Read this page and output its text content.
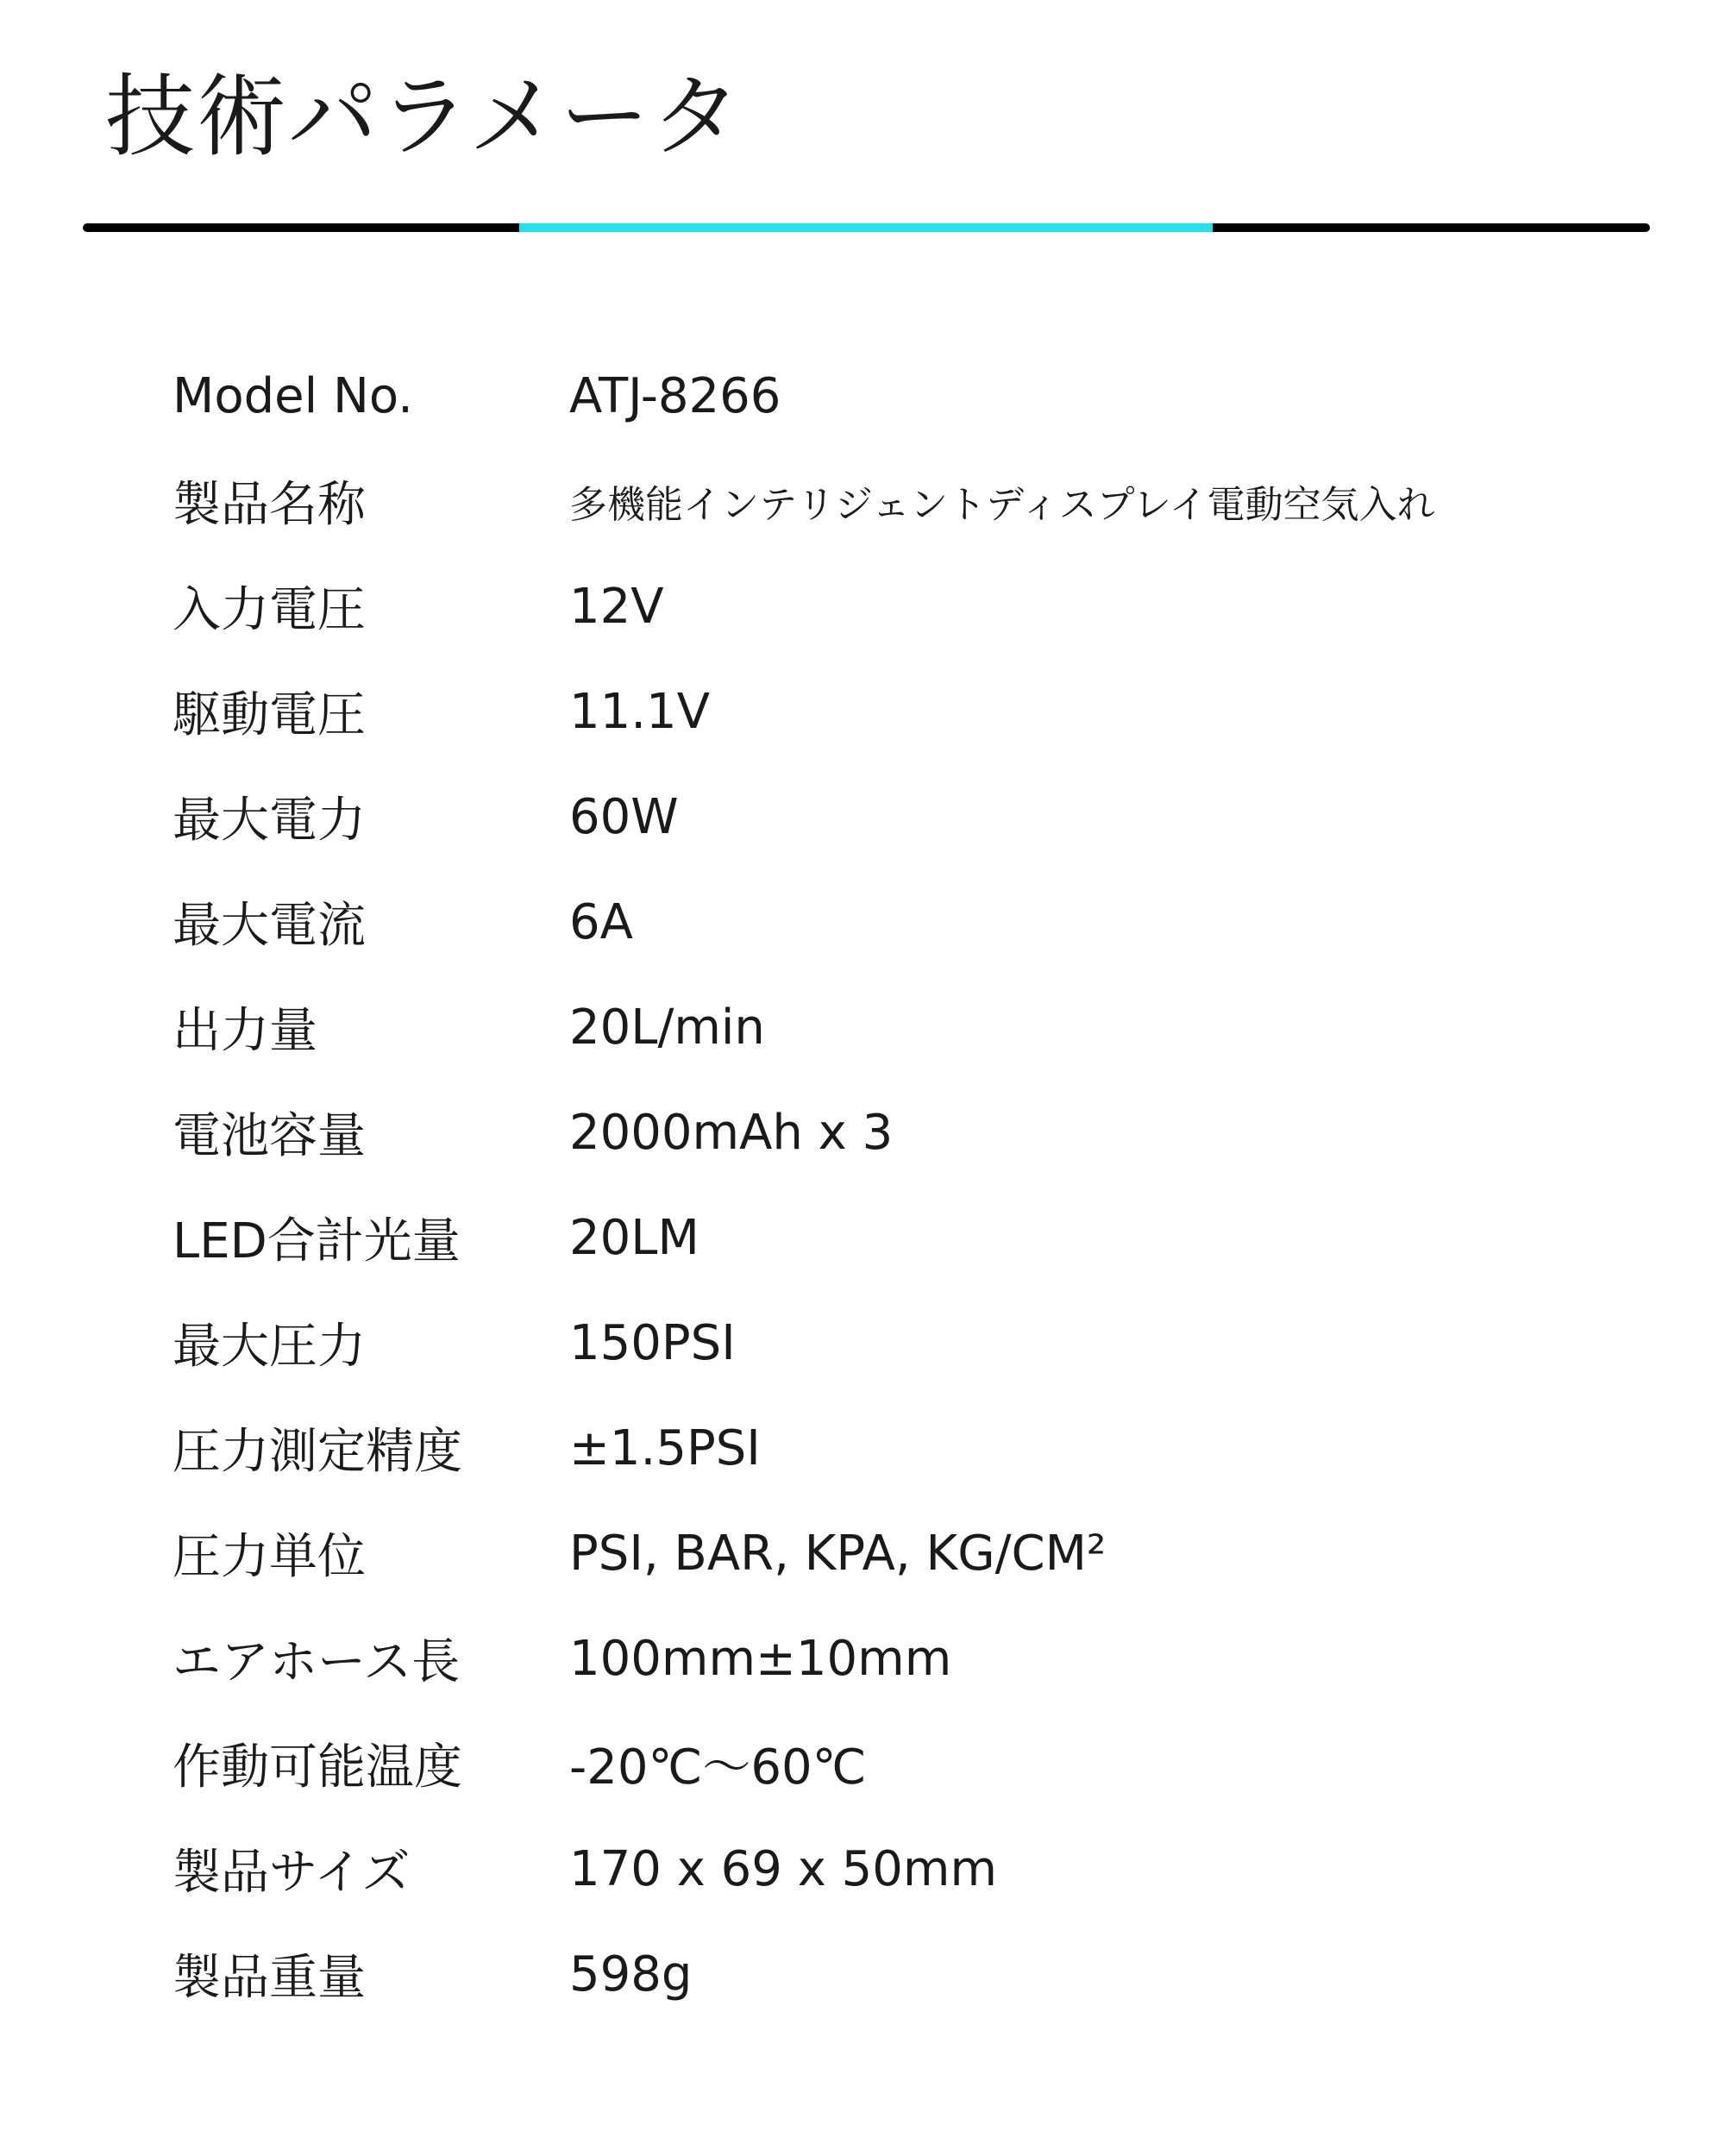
技術パラメータ
Model No.	ATJ-8266
製品名称	多機能インテリジェントディスプレイ電動空気入れ
入力電圧	12V
駆動電圧	11.1V
最大電力	60W
最大電流	6A
出力量	20L/min
電池容量	2000mAh x 3
LED合計光量	20LM
最大圧力	150PSI
圧力測定精度	±1.5PSI
圧力単位	PSI, BAR, KPA, KG/CM²
エアホース長	100mm±10mm
作動可能温度	-20℃～60℃
製品サイズ	170 x 69 x 50mm
製品重量	598g
